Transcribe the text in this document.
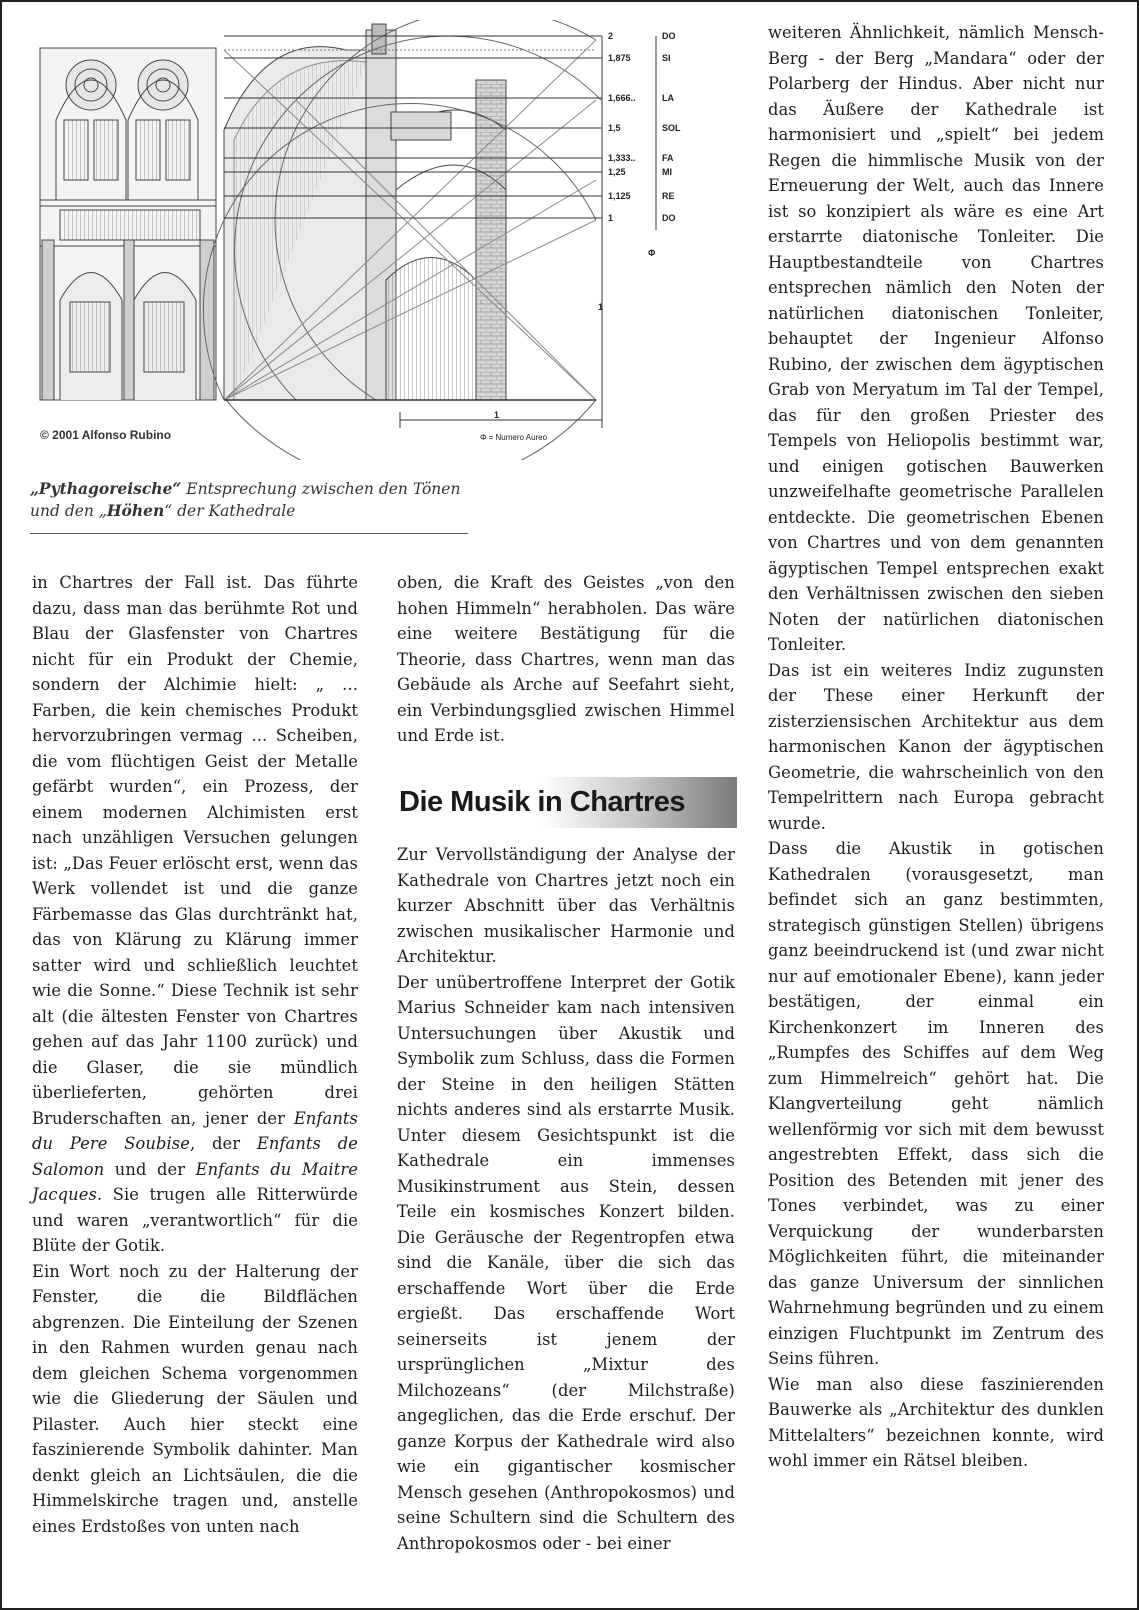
2
1,875
1,666..
1,5
1,333..
1,25
1,125
1
DO
SI
LA
SOL
FA
MI
RE
DO
Φ
1
1
Φ = Numero Aureo
© 2001 Alfonso Rubino
„Pythagoreische“ Entsprechung zwischen den Tönen und den „Höhen“ der Kathedrale

in Chartres der Fall ist. Das führte dazu, dass man das berühmte Rot und Blau der Glasfenster von Chartres nicht für ein Produkt der Chemie, sondern der Alchimie hielt: „ ... Farben, die kein chemisches Produkt hervorzubringen vermag ... Scheiben, die vom flüchtigen Geist der Metalle gefärbt wurden“, ein Prozess, der einem modernen Alchimisten erst nach unzähligen Versuchen gelungen ist: „Das Feuer erlöscht erst, wenn das Werk vollendet ist und die ganze Färbemasse das Glas durchtränkt hat, das von Klärung zu Klärung immer satter wird und schließlich leuchtet wie die Sonne.“ Diese Technik ist sehr alt (die ältesten Fenster von Chartres gehen auf das Jahr 1100 zurück) und die Glaser, die sie mündlich überlieferten, gehörten drei Bruderschaften an, jener der Enfants du Pere Soubise, der Enfants de Salomon und der Enfants du Maitre Jacques. Sie trugen alle Ritterwürde und waren „verantwortlich“ für die Blüte der Gotik.

Ein Wort noch zu der Halterung der Fenster, die die Bildflächen abgrenzen. Die Einteilung der Szenen in den Rahmen wurden genau nach dem gleichen Schema vorgenommen wie die Gliederung der Säulen und Pilaster. Auch hier steckt eine faszinierende Symbolik dahinter. Man denkt gleich an Lichtsäulen, die die Himmelskirche tragen und, anstelle eines Erdstoßes von unten nach

oben, die Kraft des Geistes „von den hohen Himmeln“ herabholen. Das wäre eine weitere Bestätigung für die Theorie, dass Chartres, wenn man das Gebäude als Arche auf Seefahrt sieht, ein Verbindungsglied zwischen Himmel und Erde ist.

Die Musik in Chartres

Zur Vervollständigung der Analyse der Kathedrale von Chartres jetzt noch ein kurzer Abschnitt über das Verhältnis zwischen musikalischer Harmonie und Architektur.

Der unübertroffene Interpret der Gotik Marius Schneider kam nach intensiven Untersuchungen über Akustik und Symbolik zum Schluss, dass die Formen der Steine in den heiligen Stätten nichts anderes sind als erstarrte Musik. Unter diesem Gesichtspunkt ist die Kathedrale ein immenses Musikinstrument aus Stein, dessen Teile ein kosmisches Konzert bilden. Die Geräusche der Regentropfen etwa sind die Kanäle, über die sich das erschaffende Wort über die Erde ergießt. Das erschaffende Wort seinerseits ist jenem der ursprünglichen „Mixtur des Milchozeans“ (der Milchstraße) angeglichen, das die Erde erschuf. Der ganze Korpus der Kathedrale wird also wie ein gigantischer kosmischer Mensch gesehen (Anthropokosmos) und seine Schultern sind die Schultern des Anthropokosmos oder - bei einer

weiteren Ähnlichkeit, nämlich Mensch-Berg - der Berg „Mandara“ oder der Polarberg der Hindus. Aber nicht nur das Äußere der Kathedrale ist harmonisiert und „spielt“ bei jedem Regen die himmlische Musik von der Erneuerung der Welt, auch das Innere ist so konzipiert als wäre es eine Art erstarrte diatonische Tonleiter. Die Hauptbestandteile von Chartres entsprechen nämlich den Noten der natürlichen diatonischen Tonleiter, behauptet der Ingenieur Alfonso Rubino, der zwischen dem ägyptischen Grab von Meryatum im Tal der Tempel, das für den großen Priester des Tempels von Heliopolis bestimmt war, und einigen gotischen Bauwerken unzweifelhafte geometrische Parallelen entdeckte. Die geometrischen Ebenen von Chartres und von dem genannten ägyptischen Tempel entsprechen exakt den Verhältnissen zwischen den sieben Noten der natürlichen diatonischen Tonleiter.

Das ist ein weiteres Indiz zugunsten der These einer Herkunft der zisterziensischen Architektur aus dem harmonischen Kanon der ägyptischen Geometrie, die wahrscheinlich von den Tempelrittern nach Europa gebracht wurde.

Dass die Akustik in gotischen Kathedralen (vorausgesetzt, man befindet sich an ganz bestimmten, strategisch günstigen Stellen) übrigens ganz beeindruckend ist (und zwar nicht nur auf emotionaler Ebene), kann jeder bestätigen, der einmal ein Kirchenkonzert im Inneren des „Rumpfes des Schiffes auf dem Weg zum Himmelreich“ gehört hat. Die Klangverteilung geht nämlich wellenförmig vor sich mit dem bewusst angestrebten Effekt, dass sich die Position des Betenden mit jener des Tones verbindet, was zu einer Verquickung der wunderbarsten Möglichkeiten führt, die miteinander das ganze Universum der sinnlichen Wahrnehmung begründen und zu einem einzigen Fluchtpunkt im Zentrum des Seins führen.

Wie man also diese faszinierenden Bauwerke als „Architektur des dunklen Mittelalters“ bezeichnen konnte, wird wohl immer ein Rätsel bleiben.
